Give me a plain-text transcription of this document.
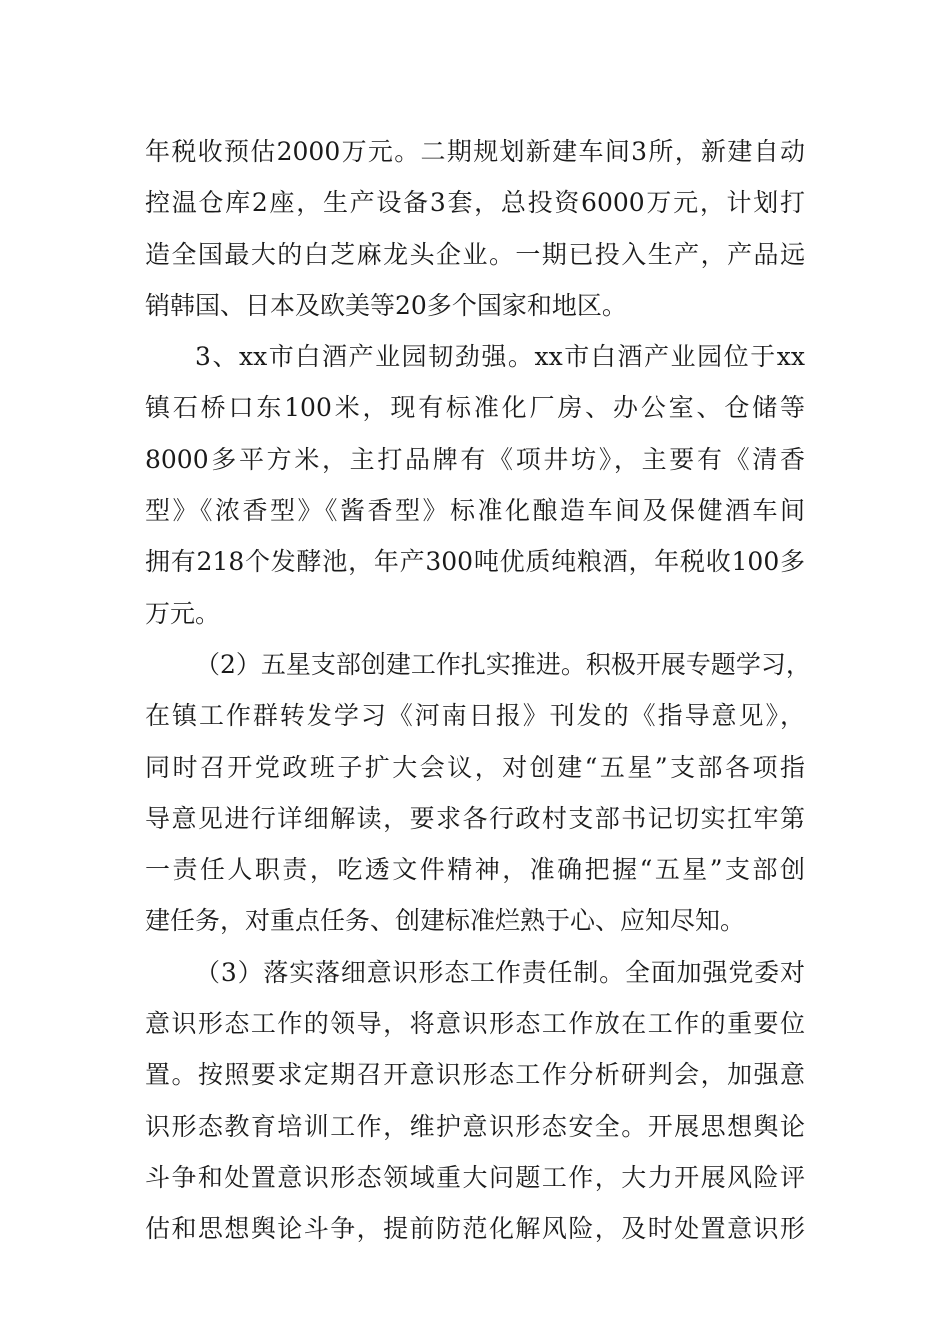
年税收预估2000万元。二期规划新建车间3所，新建自动
控温仓库2座，生产设备3套，总投资6000万元，计划打
造全国最大的白芝麻龙头企业。一期已投入生产，产品远
销韩国、日本及欧美等20多个国家和地区。
3、xx市白酒产业园韧劲强。xx市白酒产业园位于xx
镇石桥口东100米，现有标准化厂房、办公室、仓储等
8000多平方米，主打品牌有《项井坊》，主要有《清香
型》《浓香型》《酱香型》标准化酿造车间及保健酒车间
拥有218个发酵池，年产300吨优质纯粮酒，年税收100多
万元。
（2）五星支部创建工作扎实推进。积极开展专题学习，
在镇工作群转发学习《河南日报》刊发的《指导意见》，
同时召开党政班子扩大会议，对创建“五星”支部各项指
导意见进行详细解读，要求各行政村支部书记切实扛牢第
一责任人职责，吃透文件精神，准确把握“五星”支部创
建任务，对重点任务、创建标准烂熟于心、应知尽知。
（3）落实落细意识形态工作责任制。全面加强党委对
意识形态工作的领导，将意识形态工作放在工作的重要位
置。按照要求定期召开意识形态工作分析研判会，加强意
识形态教育培训工作，维护意识形态安全。开展思想舆论
斗争和处置意识形态领域重大问题工作，大力开展风险评
估和思想舆论斗争，提前防范化解风险，及时处置意识形
